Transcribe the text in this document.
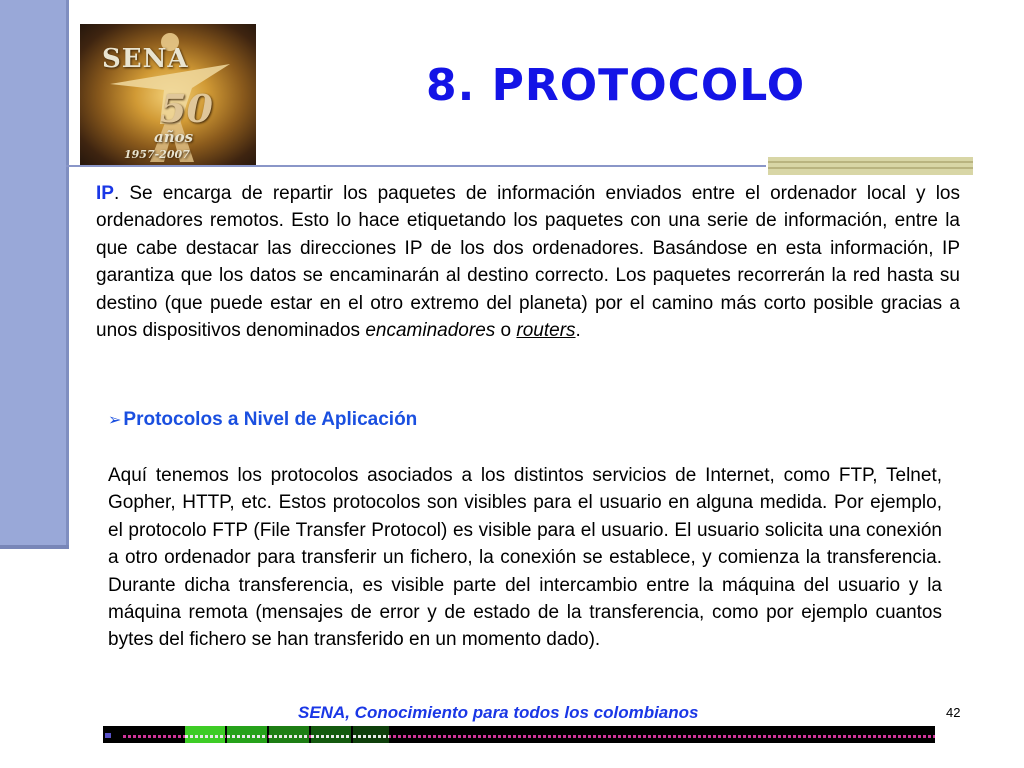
SENA
50
años
1957-2007
8. PROTOCOLO

IP. Se encarga de repartir los paquetes de información enviados entre el ordenador local y los ordenadores remotos. Esto lo hace etiquetando los paquetes con una serie de información, entre la que cabe destacar las direcciones IP de los dos ordenadores. Basándose en esta información, IP garantiza que los datos se encaminarán al destino correcto. Los paquetes recorrerán la red hasta su destino (que puede estar en el otro extremo del planeta) por el camino más corto posible gracias a unos dispositivos denominados encaminadores o routers.

➢ Protocolos a Nivel de Aplicación

Aquí tenemos los protocolos asociados a los distintos servicios de Internet, como FTP, Telnet, Gopher, HTTP, etc. Estos protocolos son visibles para el usuario en alguna medida. Por ejemplo, el protocolo FTP (File Transfer Protocol) es visible para el usuario. El usuario solicita una conexión a otro ordenador para transferir un fichero, la conexión se establece, y comienza la transferencia. Durante dicha transferencia, es visible parte del intercambio entre la máquina del usuario y la máquina remota (mensajes de error y de estado de la transferencia, como por ejemplo cuantos bytes del fichero se han transferido en un momento dado).

SENA, Conocimiento para todos los colombianos	42
